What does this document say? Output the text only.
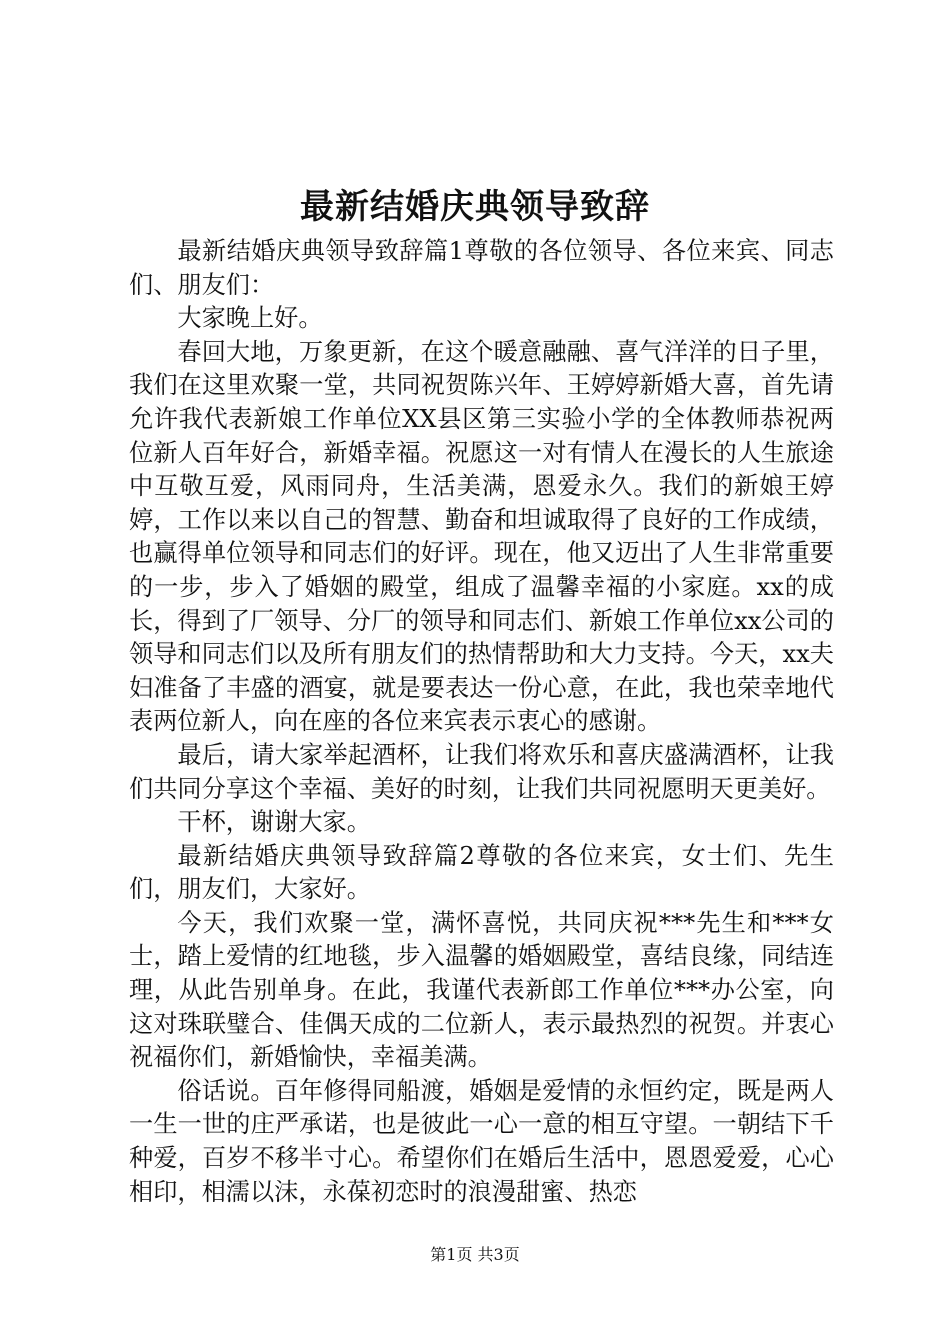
最新结婚庆典领导致辞

最新结婚庆典领导致辞篇1尊敬的各位领导、各位来宾、同志们、朋友们：

大家晚上好。

春回大地，万象更新，在这个暖意融融、喜气洋洋的日子里，我们在这里欢聚一堂，共同祝贺陈兴年、王婷婷新婚大喜，首先请允许我代表新娘工作单位XX县区第三实验小学的全体教师恭祝两位新人百年好合，新婚幸福。祝愿这一对有情人在漫长的人生旅途中互敬互爱，风雨同舟，生活美满，恩爱永久。我们的新娘王婷婷，工作以来以自己的智慧、勤奋和坦诚取得了良好的工作成绩，也赢得单位领导和同志们的好评。现在，他又迈出了人生非常重要的一步，步入了婚姻的殿堂，组成了温馨幸福的小家庭。xx的成长，得到了厂领导、分厂的领导和同志们、新娘工作单位xx公司的领导和同志们以及所有朋友们的热情帮助和大力支持。今天，xx夫妇准备了丰盛的酒宴，就是要表达一份心意，在此，我也荣幸地代表两位新人，向在座的各位来宾表示衷心的感谢。

最后，请大家举起酒杯，让我们将欢乐和喜庆盛满酒杯，让我们共同分享这个幸福、美好的时刻，让我们共同祝愿明天更美好。

干杯，谢谢大家。

最新结婚庆典领导致辞篇2尊敬的各位来宾，女士们、先生们，朋友们，大家好。

今天，我们欢聚一堂，满怀喜悦，共同庆祝***先生和***女士，踏上爱情的红地毯，步入温馨的婚姻殿堂，喜结良缘，同结连理，从此告别单身。在此，我谨代表新郎工作单位***办公室，向这对珠联璧合、佳偶天成的二位新人，表示最热烈的祝贺。并衷心祝福你们，新婚愉快，幸福美满。

俗话说。百年修得同船渡，婚姻是爱情的永恒约定，既是两人一生一世的庄严承诺，也是彼此一心一意的相互守望。一朝结下千种爱，百岁不移半寸心。希望你们在婚后生活中，恩恩爱爱，心心相印，相濡以沫，永葆初恋时的浪漫甜蜜、热恋

第1页 共3页
